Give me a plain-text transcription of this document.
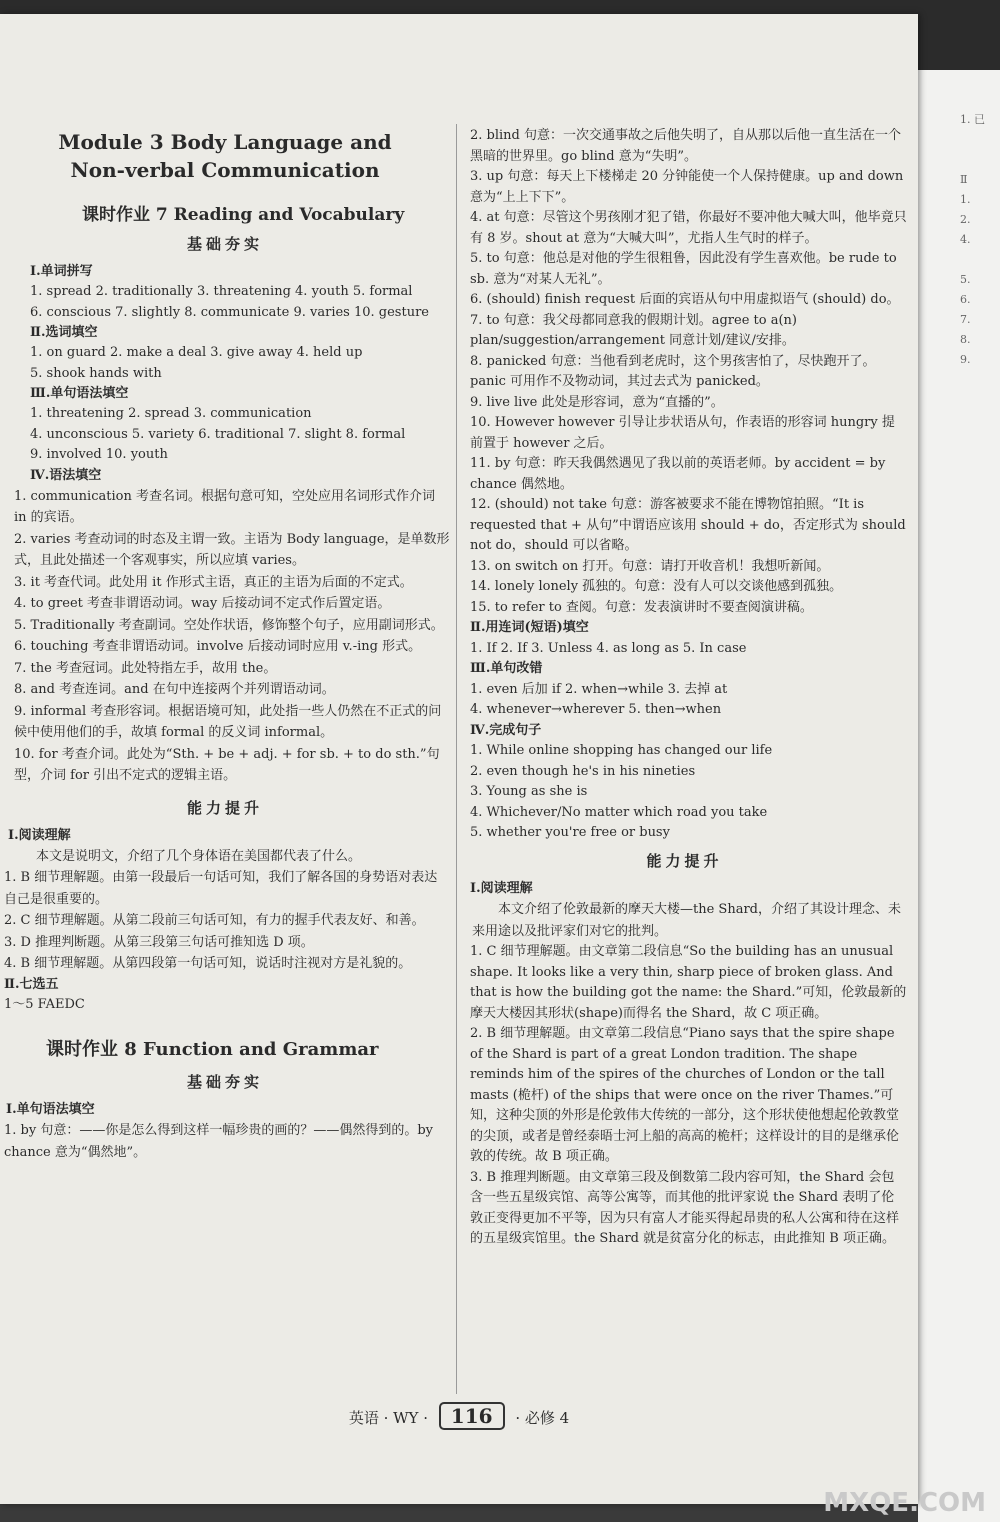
1. 已
Ⅱ
1.
2.
4.
5.
6.
7.
8.
9.
Module 3 Body Language and
Non-verbal Communication
课时作业 7 Reading and Vocabulary
基础夯实
Ⅰ.单词拼写
1. spread 2. traditionally 3. threatening 4. youth 5. formal
6. conscious 7. slightly 8. communicate 9. varies 10. gesture
Ⅱ.选词填空
1. on guard 2. make a deal 3. give away 4. held up
5. shook hands with
Ⅲ.单句语法填空
1. threatening 2. spread 3. communication
4. unconscious 5. variety 6. traditional 7. slight 8. formal
9. involved 10. youth
Ⅳ.语法填空
1. communication 考查名词。根据句意可知，空处应用名词形式作介词 in 的宾语。
2. varies 考查动词的时态及主谓一致。主语为 Body language，是单数形式，且此处描述一个客观事实，所以应填 varies。
3. it 考查代词。此处用 it 作形式主语，真正的主语为后面的不定式。
4. to greet 考查非谓语动词。way 后接动词不定式作后置定语。
5. Traditionally 考查副词。空处作状语，修饰整个句子，应用副词形式。
6. touching 考查非谓语动词。involve 后接动词时应用 v.-ing 形式。
7. the 考查冠词。此处特指左手，故用 the。
8. and 考查连词。and 在句中连接两个并列谓语动词。
9. informal 考查形容词。根据语境可知，此处指一些人仍然在不正式的问候中使用他们的手，故填 formal 的反义词 informal。
10. for 考查介词。此处为“Sth. + be + adj. + for sb. + to do sth.”句型，介词 for 引出不定式的逻辑主语。
能力提升
Ⅰ.阅读理解
本文是说明文，介绍了几个身体语在美国都代表了什么。
1. B 细节理解题。由第一段最后一句话可知，我们了解各国的身势语对表达自己是很重要的。
2. C 细节理解题。从第二段前三句话可知，有力的握手代表友好、和善。
3. D 推理判断题。从第三段第三句话可推知选 D 项。
4. B 细节理解题。从第四段第一句话可知，说话时注视对方是礼貌的。
Ⅱ.七选五
1～5 FAEDC
课时作业 8 Function and Grammar
基础夯实
Ⅰ.单句语法填空
1. by 句意：——你是怎么得到这样一幅珍贵的画的？——偶然得到的。by chance 意为“偶然地”。
2. blind 句意：一次交通事故之后他失明了，自从那以后他一直生活在一个黑暗的世界里。go blind 意为“失明”。
3. up 句意：每天上下楼梯走 20 分钟能使一个人保持健康。up and down 意为“上上下下”。
4. at 句意：尽管这个男孩刚才犯了错，你最好不要冲他大喊大叫，他毕竟只有 8 岁。shout at 意为“大喊大叫”，尤指人生气时的样子。
5. to 句意：他总是对他的学生很粗鲁，因此没有学生喜欢他。be rude to sb. 意为“对某人无礼”。
6. (should) finish request 后面的宾语从句中用虚拟语气 (should) do。
7. to 句意：我父母都同意我的假期计划。agree to a(n) plan/suggestion/arrangement 同意计划/建议/安排。
8. panicked 句意：当他看到老虎时，这个男孩害怕了，尽快跑开了。panic 可用作不及物动词，其过去式为 panicked。
9. live live 此处是形容词，意为“直播的”。
10. However however 引导让步状语从句，作表语的形容词 hungry 提前置于 however 之后。
11. by 句意：昨天我偶然遇见了我以前的英语老师。by accident = by chance 偶然地。
12. (should) not take 句意：游客被要求不能在博物馆拍照。“It is requested that + 从句”中谓语应该用 should + do，否定形式为 should not do，should 可以省略。
13. on switch on 打开。句意：请打开收音机！我想听新闻。
14. lonely lonely 孤独的。句意：没有人可以交谈他感到孤独。
15. to refer to 查阅。句意：发表演讲时不要查阅演讲稿。
Ⅱ.用连词(短语)填空
1. If 2. If 3. Unless 4. as long as 5. In case
Ⅲ.单句改错
1. even 后加 if 2. when→while 3. 去掉 at
4. whenever→wherever 5. then→when
Ⅳ.完成句子
1. While online shopping has changed our life
2. even though he's in his nineties
3. Young as she is
4. Whichever/No matter which road you take
5. whether you're free or busy
能力提升
Ⅰ.阅读理解
本文介绍了伦敦最新的摩天大楼—the Shard，介绍了其设计理念、未来用途以及批评家们对它的批判。
1. C 细节理解题。由文章第二段信息“So the building has an unusual shape. It looks like a very thin, sharp piece of broken glass. And that is how the building got the name: the Shard.”可知，伦敦最新的摩天大楼因其形状(shape)而得名 the Shard，故 C 项正确。
2. B 细节理解题。由文章第二段信息“Piano says that the spire shape of the Shard is part of a great London tradition. The shape reminds him of the spires of the churches of London or the tall masts (桅杆) of the ships that were once on the river Thames.”可知，这种尖顶的外形是伦敦伟大传统的一部分，这个形状使他想起伦敦教堂的尖顶，或者是曾经泰晤士河上船的高高的桅杆；这样设计的目的是继承伦敦的传统。故 B 项正确。
3. B 推理判断题。由文章第三段及倒数第二段内容可知，the Shard 会包含一些五星级宾馆、高等公寓等，而其他的批评家说 the Shard 表明了伦敦正变得更加不平等，因为只有富人才能买得起昂贵的私人公寓和待在这样的五星级宾馆里。the Shard 就是贫富分化的标志，由此推知 B 项正确。
英语 · WY · 116 · 必修 4
MXQE.COM
